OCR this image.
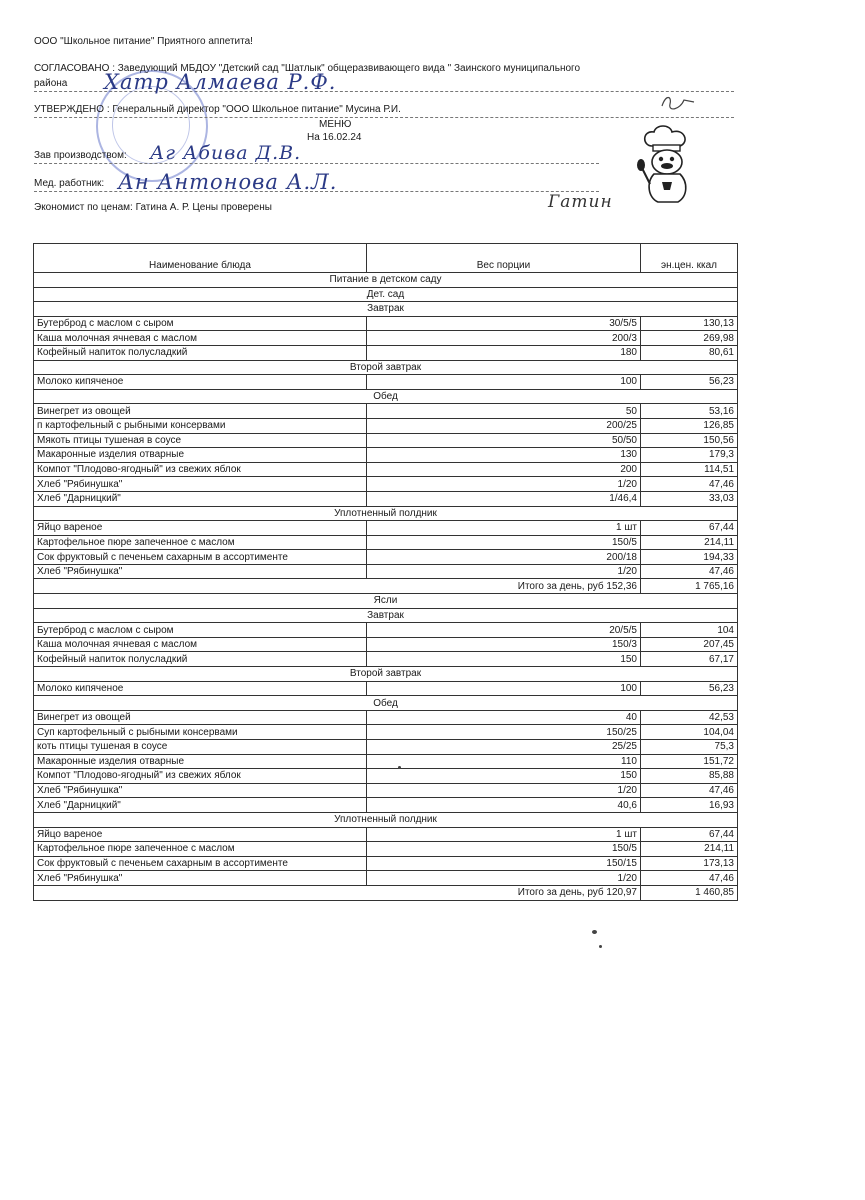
ООО "Школьное питание" Приятного аппетита!
СОГЛАСОВАНО : Заведующий МБДОУ "Детский сад "Шатлык" общеразвивающего вида " Заинского муниципального
района
УТВЕРЖДЕНО : Генеральный директор "ООО Школьное питание" Мусина Р.И.
МЕНЮ
На 16.02.24
Зав производством:
Мед. работник:
Экономист по ценам: Гатина А. Р. Цены проверены
Хатр Алмаева Р.Ф.
Аг Абива Д.В.
Ан Антонова А.Л.
Гатин
Наименование блюда	Вес порции	эн.цен. ккал
Питание в детском саду		
Дет. сад		
Завтрак		
Бутерброд с маслом с сыром	30/5/5	130,13
Каша молочная ячневая с маслом	200/3	269,98
Кофейный напиток полусладкий	180	80,61
Второй завтрак		
Молоко кипяченое	100	56,23
Обед		
Винегрет из овощей	50	53,16
п картофельный с рыбными консервами	200/25	126,85
Мякоть птицы тушеная в соусе	50/50	150,56
Макаронные изделия отварные	130	179,3
Компот "Плодово-ягодный" из свежих яблок	200	114,51
Хлеб "Рябинушка"	1/20	47,46
Хлеб "Дарницкий"	1/46,4	33,03
Уплотненный полдник		
Яйцо вареное	1 шт	67,44
Картофельное пюре запеченное с маслом	150/5	214,11
Сок фруктовый с печеньем сахарным в ассортименте	200/18	194,33
Хлеб "Рябинушка"	1/20	47,46
Итого за день, руб 152,36		1 765,16
Ясли		
Завтрак		
Бутерброд с маслом с сыром	20/5/5	104
Каша молочная ячневая с маслом	150/3	207,45
Кофейный напиток полусладкий	150	67,17
Второй завтрак		
Молоко кипяченое	100	56,23
Обед		
Винегрет из овощей	40	42,53
Суп картофельный с рыбными консервами	150/25	104,04
коть птицы тушеная в соусе	25/25	75,3
Макаронные изделия отварные	110	151,72
Компот "Плодово-ягодный" из свежих яблок	150	85,88
Хлеб "Рябинушка"	1/20	47,46
Хлеб "Дарницкий"	40,6	16,93
Уплотненный полдник		
Яйцо вареное	1 шт	67,44
Картофельное пюре запеченное с маслом	150/5	214,11
Сок фруктовый с печеньем сахарным в ассортименте	150/15	173,13
Хлеб "Рябинушка"	1/20	47,46
Итого за день, руб 120,97		1 460,85
